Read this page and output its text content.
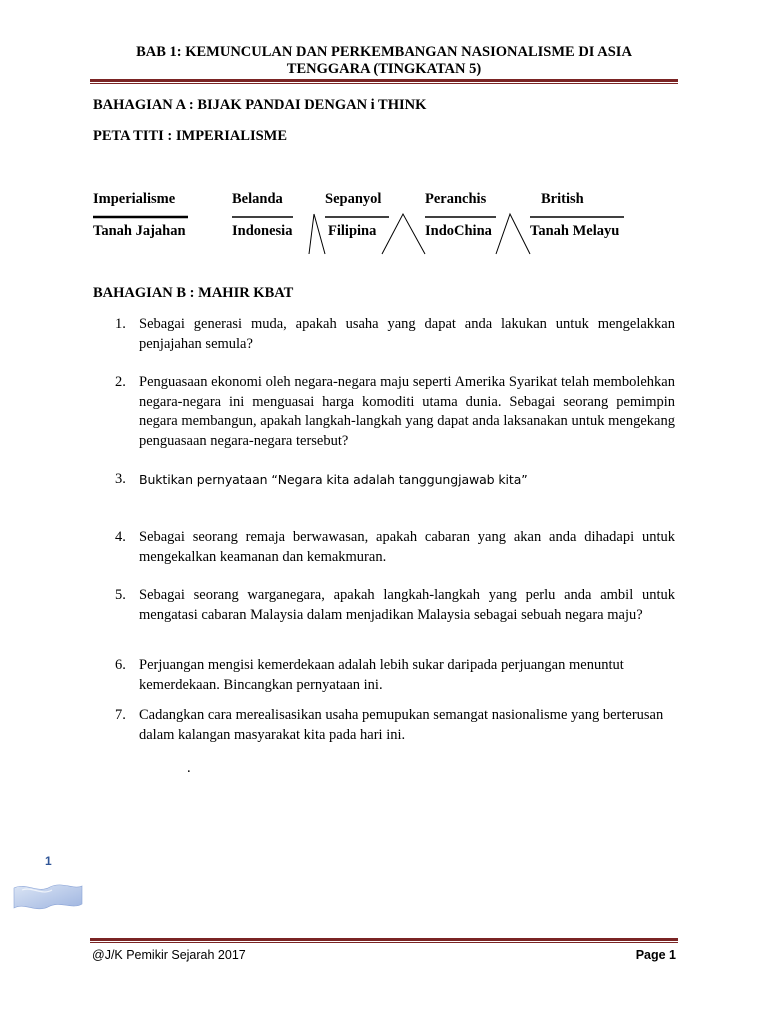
BAB 1: KEMUNCULAN DAN PERKEMBANGAN NASIONALISME DI ASIA
TENGGARA (TINGKATAN 5)
BAHAGIAN A : BIJAK PANDAI DENGAN i THINK
PETA TITI : IMPERIALISME
Imperialisme
Tanah Jajahan
Belanda
Indonesia
Sepanyol
Filipina
Peranchis
IndoChina
British
Tanah Melayu
BAHAGIAN B : MAHIR KBAT
1. Sebagai generasi muda, apakah usaha yang dapat anda lakukan untuk mengelakkan penjajahan semula?
2. Penguasaan ekonomi oleh negara-negara maju seperti Amerika Syarikat telah membolehkan negara-negara ini menguasai harga komoditi utama dunia. Sebagai seorang pemimpin negara membangun, apakah langkah-langkah yang dapat anda laksanakan untuk mengekang penguasaan negara-negara tersebut?
3.	Buktikan pernyataan “Negara kita adalah tanggungjawab kita”
4. Sebagai seorang remaja berwawasan, apakah cabaran yang akan anda dihadapi untuk mengekalkan keamanan dan kemakmuran.
5. Sebagai seorang warganegara, apakah langkah-langkah yang perlu anda ambil untuk mengatasi cabaran Malaysia dalam menjadikan Malaysia sebagai sebuah negara maju?
6. Perjuangan mengisi kemerdekaan adalah lebih sukar daripada perjuangan menuntut kemerdekaan. Bincangkan pernyataan ini.
7. Cadangkan cara merealisasikan usaha pemupukan semangat nasionalisme yang berterusan dalam kalangan masyarakat kita pada hari ini.
.
1
@J/K Pemikir Sejarah 2017	Page 1
